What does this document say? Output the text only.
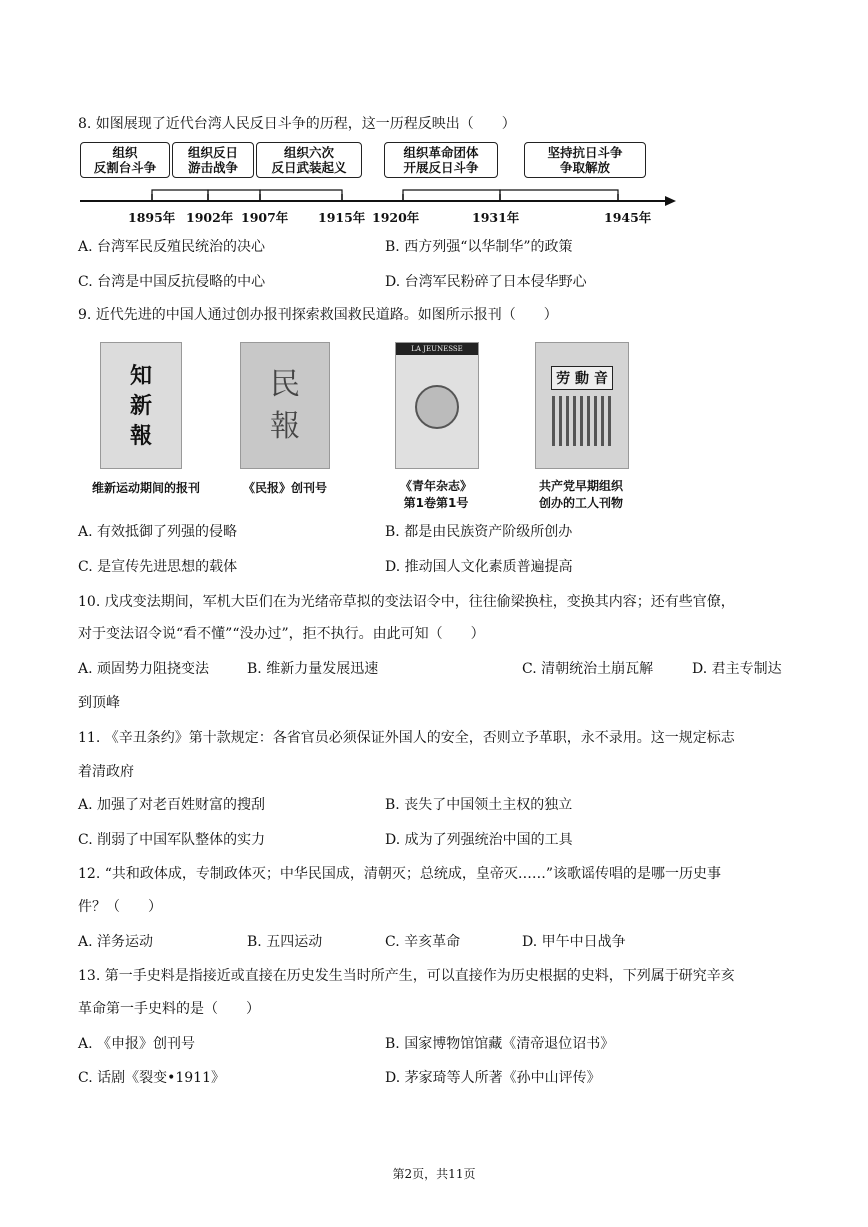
8. 如图展现了近代台湾人民反日斗争的历程，这一历程反映出（　　）
组织
反割台斗争
组织反日
游击战争
组织六次
反日武装起义
组织革命团体
开展反日斗争
坚持抗日斗争
争取解放
1895年 1902年 1907年 1915年 1920年	1931年	1945年
A. 台湾军民反殖民统治的决心	B. 西方列强“以华制华”的政策
C. 台湾是中国反抗侵略的中心	D. 台湾军民粉碎了日本侵华野心
9. 近代先进的中国人通过创办报刊探索救国救民道路。如图所示报刊（　　）
知
新
報
民
報
LA JEUNESSE
劳 動 音
维新运动期间的报刊	《民报》创刊号	《青年杂志》
第1卷第1号
共产党早期组织
创办的工人刊物
A. 有效抵御了列强的侵略	B. 都是由民族资产阶级所创办
C. 是宣传先进思想的载体	D. 推动国人文化素质普遍提高
10. 戊戌变法期间，军机大臣们在为光绪帝草拟的变法诏令中，往往偷梁换柱，变换其内容；还有些官僚，
对于变法诏令说“看不懂”“没办过”，拒不执行。由此可知（　　）
A. 顽固势力阻挠变法	B. 维新力量发展迅速	C. 清朝统治土崩瓦解	D. 君主专制达
到顶峰
11. 《辛丑条约》第十款规定：各省官员必须保证外国人的安全，否则立予革职，永不录用。这一规定标志
着清政府
A. 加强了对老百姓财富的搜刮	B. 丧失了中国领土主权的独立
C. 削弱了中国军队整体的实力	D. 成为了列强统治中国的工具
12. “共和政体成，专制政体灭；中华民国成，清朝灭；总统成，皇帝灭……”该歌谣传唱的是哪一历史事
件？（　　）
A. 洋务运动	B. 五四运动	C. 辛亥革命	D. 甲午中日战争
13. 第一手史料是指接近或直接在历史发生当时所产生，可以直接作为历史根据的史料，下列属于研究辛亥
革命第一手史料的是（　　）
A. 《申报》创刊号	B. 国家博物馆馆藏《清帝退位诏书》
C. 话剧《裂变•1911》	D. 茅家琦等人所著《孙中山评传》
第2页，共11页
